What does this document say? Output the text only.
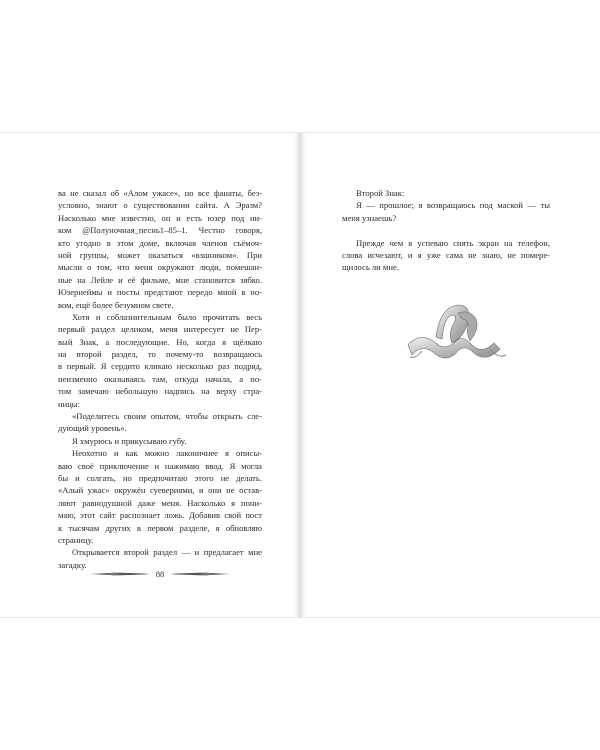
ва не сказал об «Алом ужасе», но все фанаты, без-
условно, знают о существовании сайта. А Эразм?
Насколько мне известно, он и есть юзер под ни-
ком @Полуночная_песнь1–85–1. Честно говоря,
кто угодно в этом доме, включая членов съёмоч-
ной группы, может оказаться «взшником». При
мысли о том, что меня окружают люди, помешан-
ные на Лейле и её фильме, мне становится зябко.
Юзернеймы и посты предстают передо мной в но-
вом, ещё более безумном свете.
Хотя и соблазнительным было прочитать весь
первый раздел целиком, меня интересует не Пер-
вый Знак, а последующие. Но, когда я щёлкаю
на второй раздел, то почему-то возвращаюсь
в первый. Я сердито кликаю несколько раз подряд,
неизменно оказываясь там, откуда начала, а по-
том замечаю небольшую надпись на верху стра-
ницы:
«Поделитесь своим опытом, чтобы открыть сле-
дующий уровень».
Я хмурюсь и прикусываю губу.
Неохотно и как можно лаконичнее я описы-
ваю своё приключение и нажимаю ввод. Я могла
бы и солгать, но предпочитаю этого не делать.
«Алый ужас» окружён суевериями, и они не остав-
ляют равнодушной даже меня. Насколько я пони-
маю, этот сайт распознает ложь. Добавив свой пост
к тысячам других в первом разделе, я обновляю
страницу.
Открывается второй раздел — и предлагает мне
загадку.
88
Второй Знак:
Я — прошлое; я возвращаюсь под маской — ты
меня узнаешь?
Прежде чем я успеваю снять экран на телефон,
слова исчезают, и я уже сама не знаю, не помере-
щилось ли мне.
